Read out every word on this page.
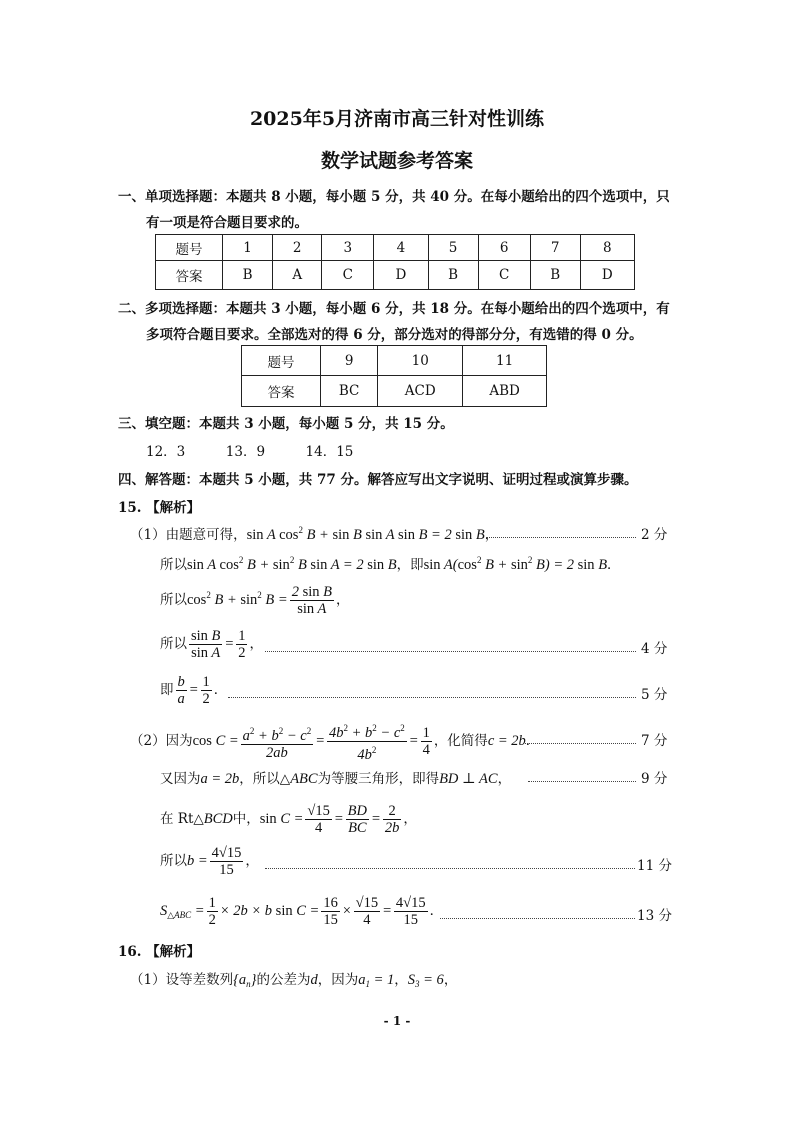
2025年5月济南市高三针对性训练
数学试题参考答案
一、单项选择题：本题共 8 小题，每小题 5 分，共 40 分。在每小题给出的四个选项中，只
有一项是符合题目要求的。
题号	1	2	3	4	5	6	7	8
答案	B	A	C	D	B	C	B	D
二、多项选择题：本题共 3 小题，每小题 6 分，共 18 分。在每小题给出的四个选项中，有
多项符合题目要求。全部选对的得 6 分，部分选对的得部分分，有选错的得 0 分。
题号	9	10	11
答案	BC	ACD	ABD
三、填空题：本题共 3 小题，每小题 5 分，共 15 分。
12．3　　　13．9　　　14．15
四、解答题：本题共 5 小题，共 77 分。解答应写出文字说明、证明过程或演算步骤。
15. 【解析】
（1）由题意可得，sin A $\cos^2 B + \sin B$ sin A sin B = 2 sin B，	2 分
所以sin A $\cos^2 B + \sin^2 B$ sin A = 2 sin B，即$\sin A(\cos^2$ $B + \sin^2 B) = 2$ sin B．
所以$\cos^2 B + \sin^2 B = \frac{\text{2 sin B}}{\text{sin A}}$ ，
所以 $\frac{\text{sin B}}{\text{sin A}} = \frac{1}{2}$ ，	4 分
即 $\frac{b}{a} = \frac{1}{2}$ ．	5 分
（2）因为$\cos C = \frac{a^2 + b^2 - c^2}{2ab} = \frac{4b^2 + b^2 - c^2}{4b^2} = \frac{1}{4}$ ，化简得c = 2b．	7 分
又因为a = 2b，所以△ABC为等腰三角形，即得BD ⊥ AC，	9 分
在 Rt△BCD中，$\sin C = \frac{√15}{4} = \frac{BD}{BC} = \frac{2}{2b}$ ，
所以$b = \frac{4√15}{15}$ ，	11 分
$S_{\triangle ABC} = \frac{1}{2} \times 2b \times b$ $\sin C = \frac{16}{15} \times \frac{√15}{4} = \frac{4√15}{15}$ ．	13 分
16. 【解析】
（1）设等差数列$\{a_n\}$的公差为d，因为$a_1 = 1$，$S_3 = 6$，
- 1 -
